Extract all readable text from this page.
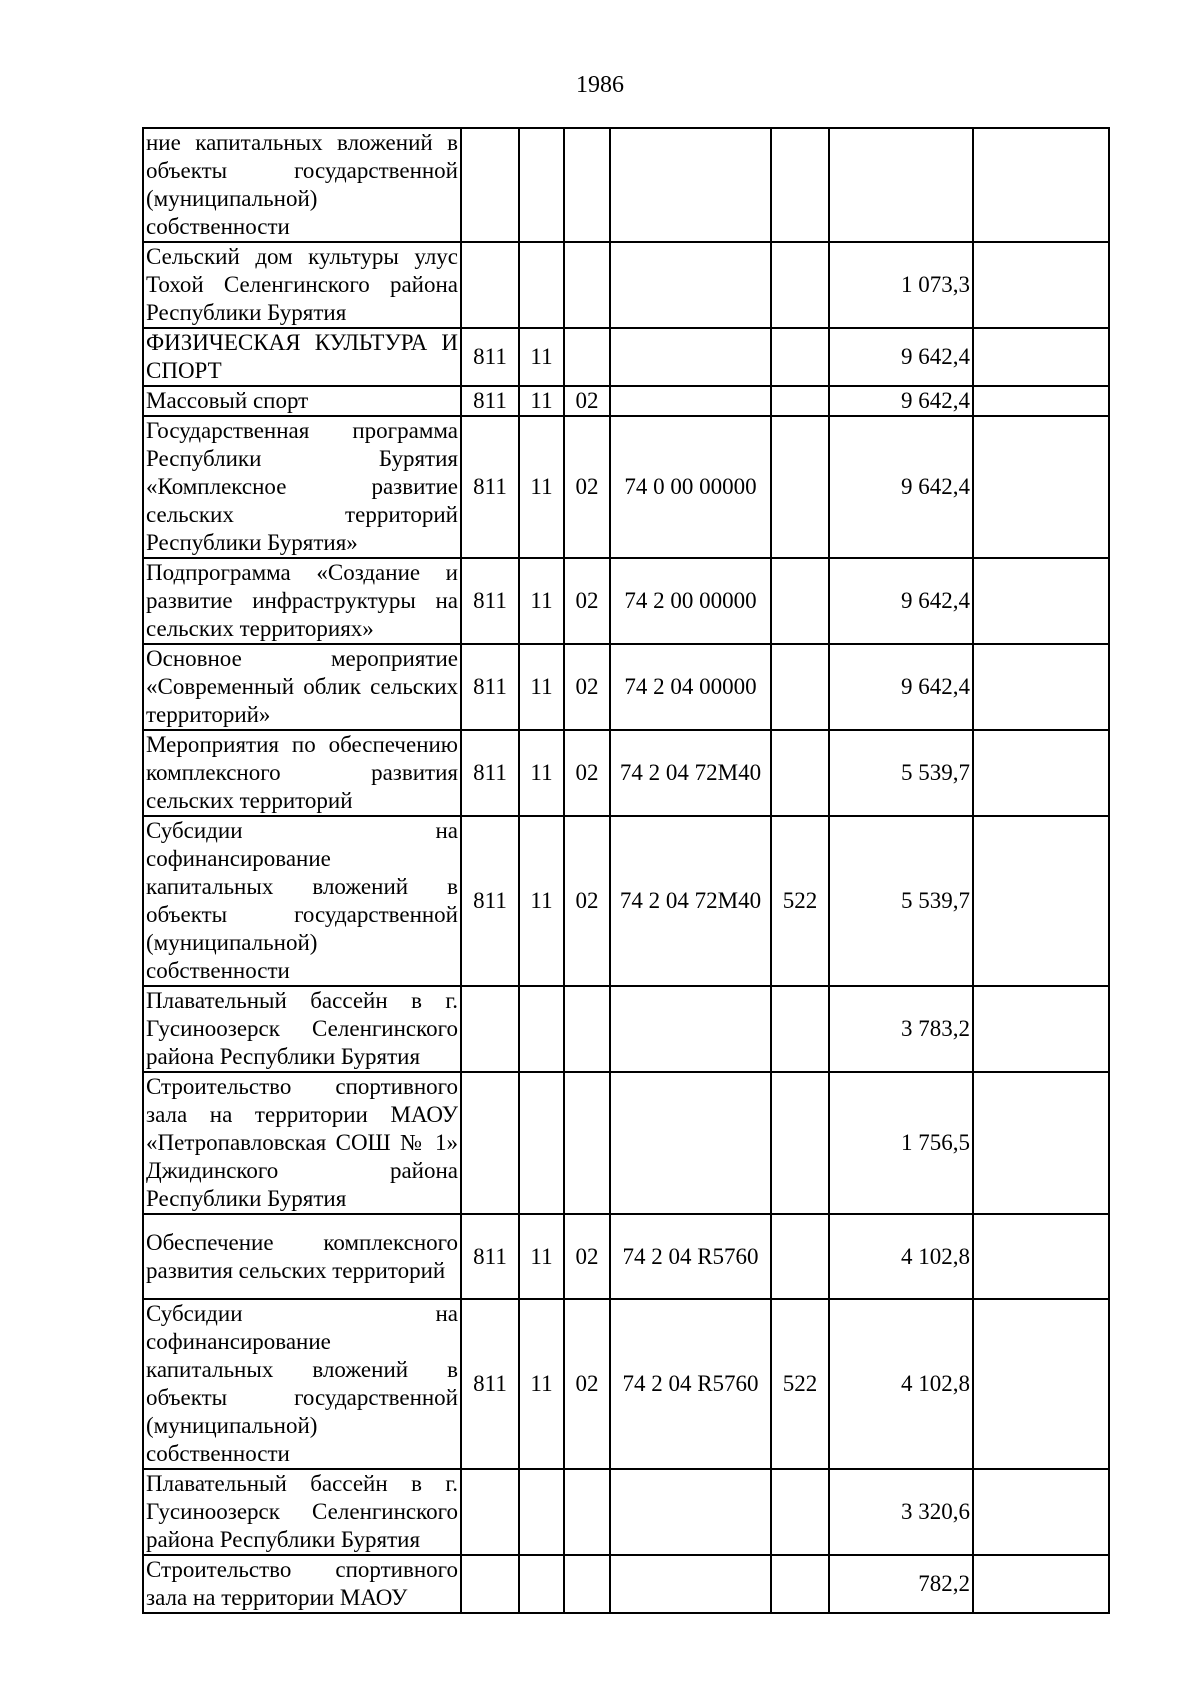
1986
ние капитальных вложений в объекты государственной (муниципальной) собственности							
Сельский дом культуры улус Тохой Селенгинского района Республики Бурятия						1 073,3	
ФИЗИЧЕСКАЯ КУЛЬТУРА И СПОРТ	811	11				9 642,4	
Массовый спорт	811	11	02			9 642,4	
Государственная программа Республики Бурятия «Комплексное развитие сельских территорий Республики Бурятия»	811	11	02	74 0 00 00000		9 642,4	
Подпрограмма «Создание и развитие инфраструктуры на сельских территориях»	811	11	02	74 2 00 00000		9 642,4	
Основное мероприятие «Современный облик сельских территорий»	811	11	02	74 2 04 00000		9 642,4	
Мероприятия по обеспечению комплексного развития сельских территорий	811	11	02	74 2 04 72М40		5 539,7	
Субсидии на софинансирование капитальных вложений в объекты государственной (муниципальной) собственности	811	11	02	74 2 04 72М40	522	5 539,7	
Плавательный бассейн в г. Гусиноозерск Селенгинского района Республики Бурятия						3 783,2	
Строительство спортивного зала на территории МАОУ «Петропавловская СОШ № 1» Джидинского района Республики Бурятия						1 756,5	
Обеспечение комплексного развития сельских территорий	811	11	02	74 2 04 R5760		4 102,8	
Субсидии на софинансирование капитальных вложений в объекты государственной (муниципальной) собственности	811	11	02	74 2 04 R5760	522	4 102,8	
Плавательный бассейн в г. Гусиноозерск Селенгинского района Республики Бурятия						3 320,6	
Строительство спортивного зала на территории МАОУ						782,2	
